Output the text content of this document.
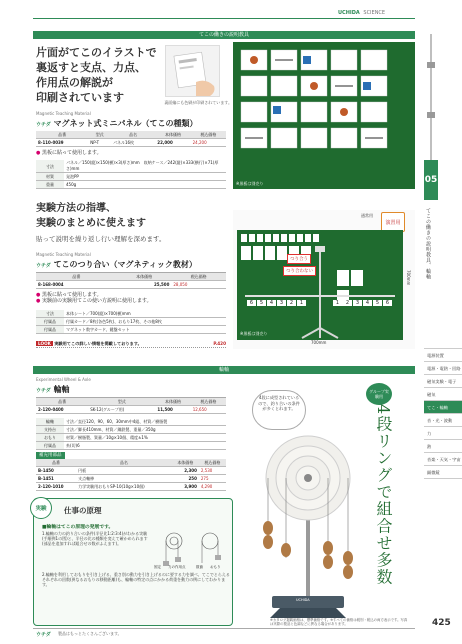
UCHIDA SCIENCE
てこの働きの説明教具
片面がてこのイラストで
裏返すと支点、力点、
作用点の解説が
印刷されています	裏面編にも色刷が印刷されています。
※黒板は別売り
Magnetic Teaching Material
ウチダ マグネット式ミニパネル（てこの種類）
品番	型式	品名	本体価格	税込価格
8-110-0039	NP-T	パネル16枚	22,000	24,200
● 黒板に貼って使用します。
寸法	パネル／150(縦)×150(横)×3(厚さ)mm　収納ケース／242(縦)×333(横行)×71(厚さ)mm
材質	発泡PP
重量	450g
実験方法の指導、
実験のまとめに使えます
貼って説明を繰り返し行い理解を深めます。
Magnetic Teaching Material
ウチダ てこのつり合い（マグネティック教材）
品番	本体価格	税込価格
8-168-0004	25,500	28,050
● 黒板に貼って使用します。
● 実験前の実験用てこの使い方説明に使用します。
寸法	本体シート／700(縦)×700(横)mm
付属品	付属カード／8枚(各色5枚)、おもり17枚、その他8枚
付属品	マグネット数字カード、鍵盤セット
LOOK 実験用てこの詳しい情報を掲載しております。	P.420
通常用
演習用
つり合う
つり合わない
6	5	4	3	2	1	1	2	3	4	5	6
※黒板は別売り
700mm
700mm
輪軸
Experimental Wheel & Axle
ウチダ 輪軸
品番	型式	本体価格	税込価格
2-120-0400	SK-12(グループ用)	11,500	12,650
輪軸	寸法／直径120、90、60、30mm中4組、材質／樹脂製
支持台	寸法／脚長410mm、材質／鋼鉄製、重量／350g
おもり	材質／樹脂製、質量／10g×10個、精度±1%
付属品	糸(切)6
補充用部品
品番	品名	本体価格	税込価格
B-1450	円板	2,300	2,530
B-1451	支点軸棒	250	275
2-120-1010	力学実験用おもりSP-10(10g×10個)	3,900	4,290
実験	仕事の原理
■輪軸はてこの原理の発展です。
1.輪軸の力の釣り合いの条件(半径比1:2:3:4)がわかる実験(手順例1の図)と、半径の比の種類を変えて確かめられます(部品を追加すれば組合せの数がふえます)。
2.輪軸を利用しておもりを引き上げる、重さ別の動力を引き上げるのに要する力を調べ、てこでとらえるそれぞれの回数(異なるおもりの移動距離)も、輪軸の特定の点にかかる荷重を動力の例にしてわかります。
固定 力の作用点	数値 おもり
UCHIDA
4段に成型されているので、釣り合いの条件が多くとれます。
グループ実験用
4段リングで組合せ多数
05
てこの働きの説明教具、輪軸
電源装置
電源・電熱・回路
磁気実験・電子
磁気
てこ・輪軸
音・光・波動
力
熱
音楽・天気・宇宙
顕微鏡
ウチダ 製品はもっとたくさんございます。
※カタログ掲載価格は、標準価格です。※すべての価格は税別・税込の両方表示です。写真は実際の製品と色調などに異なる場合があります。	425
